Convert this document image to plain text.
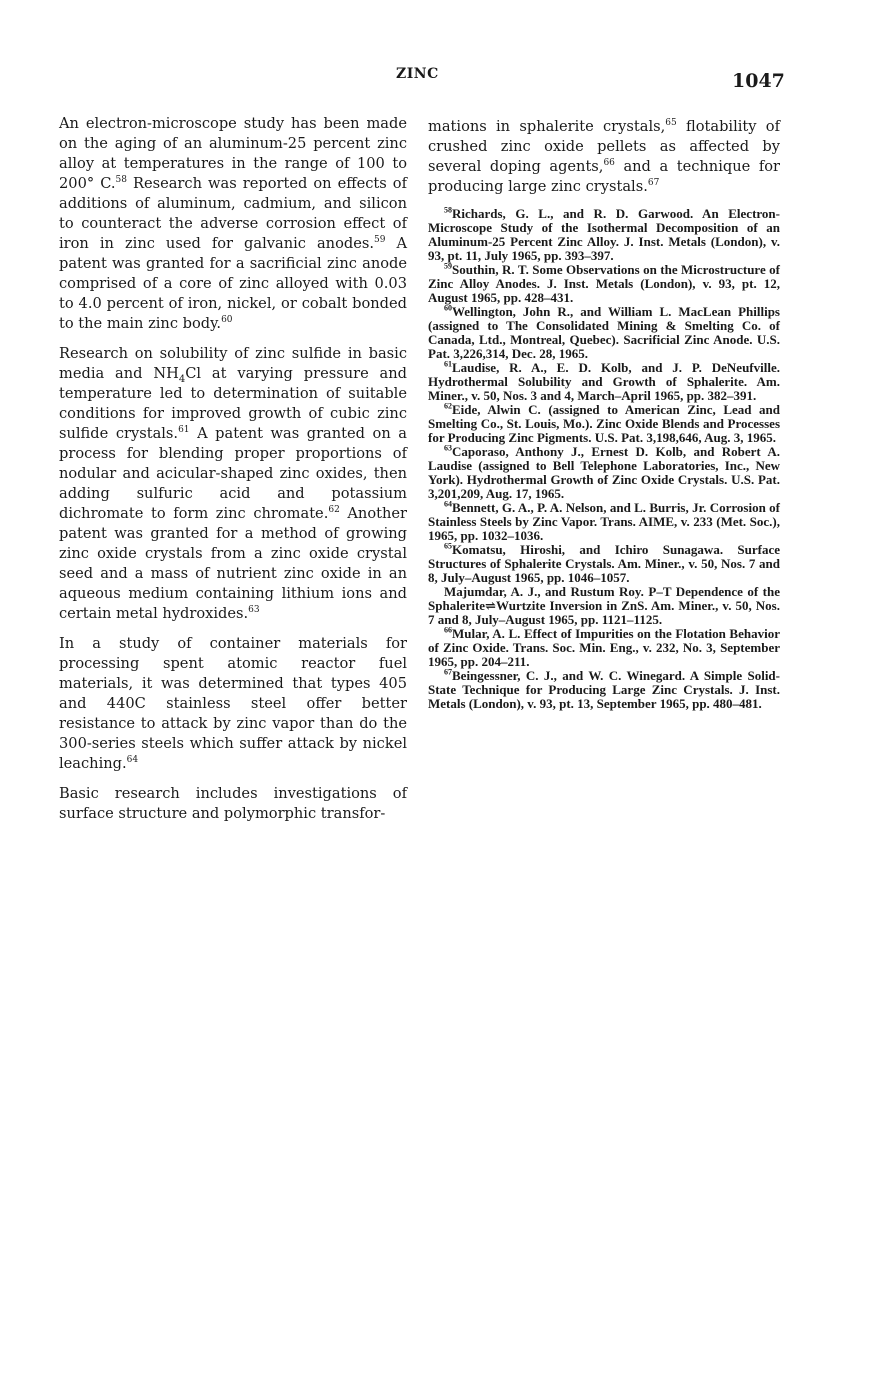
ZINC	1047

An electron-microscope study has been made on the aging of an aluminum-25 percent zinc alloy at temperatures in the range of 100 to 200° C.$^{58}$ Research was reported on effects of additions of aluminum, cadmium, and silicon to counteract the adverse corrosion effect of iron in zinc used for galvanic anodes.$^{59}$ A patent was granted for a sacrificial zinc anode comprised of a core of zinc alloyed with 0.03 to 4.0 percent of iron, nickel, or cobalt bonded to the main zinc body.$^{60}$

Research on solubility of zinc sulfide in basic media and $NH_4Cl$ at varying pressure and temperature led to determination of suitable conditions for improved growth of cubic zinc sulfide crystals.$^{61}$ A patent was granted on a process for blending proper proportions of nodular and acicular-shaped zinc oxides, then adding sulfuric acid and potassium dichromate to form zinc chromate.$^{62}$ Another patent was granted for a method of growing zinc oxide crystals from a zinc oxide crystal seed and a mass of nutrient zinc oxide in an aqueous medium containing lithium ions and certain metal hydroxides.$^{63}$

In a study of container materials for processing spent atomic reactor fuel materials, it was determined that types 405 and 440C stainless steel offer better resistance to attack by zinc vapor than do the 300-series steels which suffer attack by nickel leaching.$^{64}$

Basic research includes investigations of surface structure and polymorphic transfor-

mations in sphalerite crystals,$^{65}$ flotability of crushed zinc oxide pellets as affected by several doping agents,$^{66}$ and a technique for producing large zinc crystals.$^{67}$

$^{58}$Richards, G. L., and R. D. Garwood. An Electron-Microscope Study of the Isothermal Decomposition of an Aluminum-25 Percent Zinc Alloy. J. Inst. Metals (London), v. 93, pt. 11, July 1965, pp. 393–397.

$^{59}$Southin, R. T. Some Observations on the Microstructure of Zinc Alloy Anodes. J. Inst. Metals (London), v. 93, pt. 12, August 1965, pp. 428–431.

$^{60}$Wellington, John R., and William L. MacLean Phillips (assigned to The Consolidated Mining & Smelting Co. of Canada, Ltd., Montreal, Quebec). Sacrificial Zinc Anode. U.S. Pat. 3,226,314, Dec. 28, 1965.

$^{61}$Laudise, R. A., E. D. Kolb, and J. P. DeNeufville. Hydrothermal Solubility and Growth of Sphalerite. Am. Miner., v. 50, Nos. 3 and 4, March–April 1965, pp. 382–391.

$^{62}$Eide, Alwin C. (assigned to American Zinc, Lead and Smelting Co., St. Louis, Mo.). Zinc Oxide Blends and Processes for Producing Zinc Pigments. U.S. Pat. 3,198,646, Aug. 3, 1965.

$^{63}$Caporaso, Anthony J., Ernest D. Kolb, and Robert A. Laudise (assigned to Bell Telephone Laboratories, Inc., New York). Hydrothermal Growth of Zinc Oxide Crystals. U.S. Pat. 3,201,209, Aug. 17, 1965.

$^{64}$Bennett, G. A., P. A. Nelson, and L. Burris, Jr. Corrosion of Stainless Steels by Zinc Vapor. Trans. AIME, v. 233 (Met. Soc.), 1965, pp. 1032–1036.

$^{65}$Komatsu, Hiroshi, and Ichiro Sunagawa. Surface Structures of Sphalerite Crystals. Am. Miner., v. 50, Nos. 7 and 8, July–August 1965, pp. 1046–1057.

Majumdar, A. J., and Rustum Roy. P–T Dependence of the Sphalerite⇌Wurtzite Inversion in ZnS. Am. Miner., v. 50, Nos. 7 and 8, July–August 1965, pp. 1121–1125.

$^{66}$Mular, A. L. Effect of Impurities on the Flotation Behavior of Zinc Oxide. Trans. Soc. Min. Eng., v. 232, No. 3, September 1965, pp. 204–211.

$^{67}$Beingessner, C. J., and W. C. Winegard. A Simple Solid-State Technique for Producing Large Zinc Crystals. J. Inst. Metals (London), v. 93, pt. 13, September 1965, pp. 480–481.
